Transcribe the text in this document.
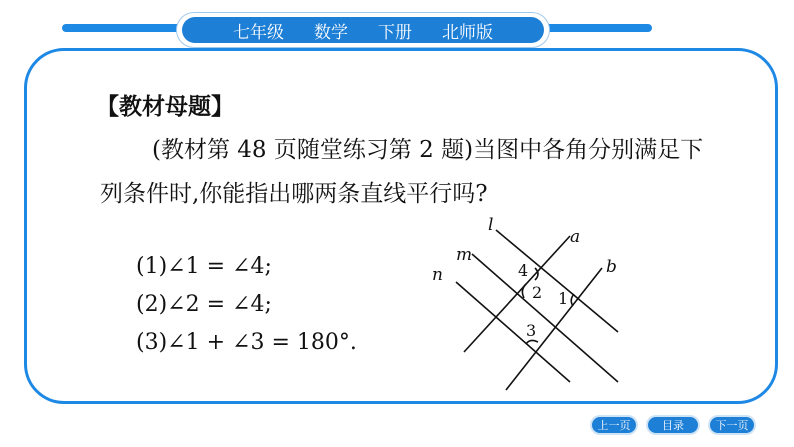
七年级 数学 下册 北师版
【教材母题】
(教材第 48 页随堂练习第 2 题)当图中各角分别满足下列条件时,你能指出哪两条直线平行吗?
(1)∠1 = ∠4;
(2)∠2 = ∠4;
(3)∠1 + ∠3 = 180°.
l
a
m
b
n	4
2 1
3
上一页	目录	下一页
